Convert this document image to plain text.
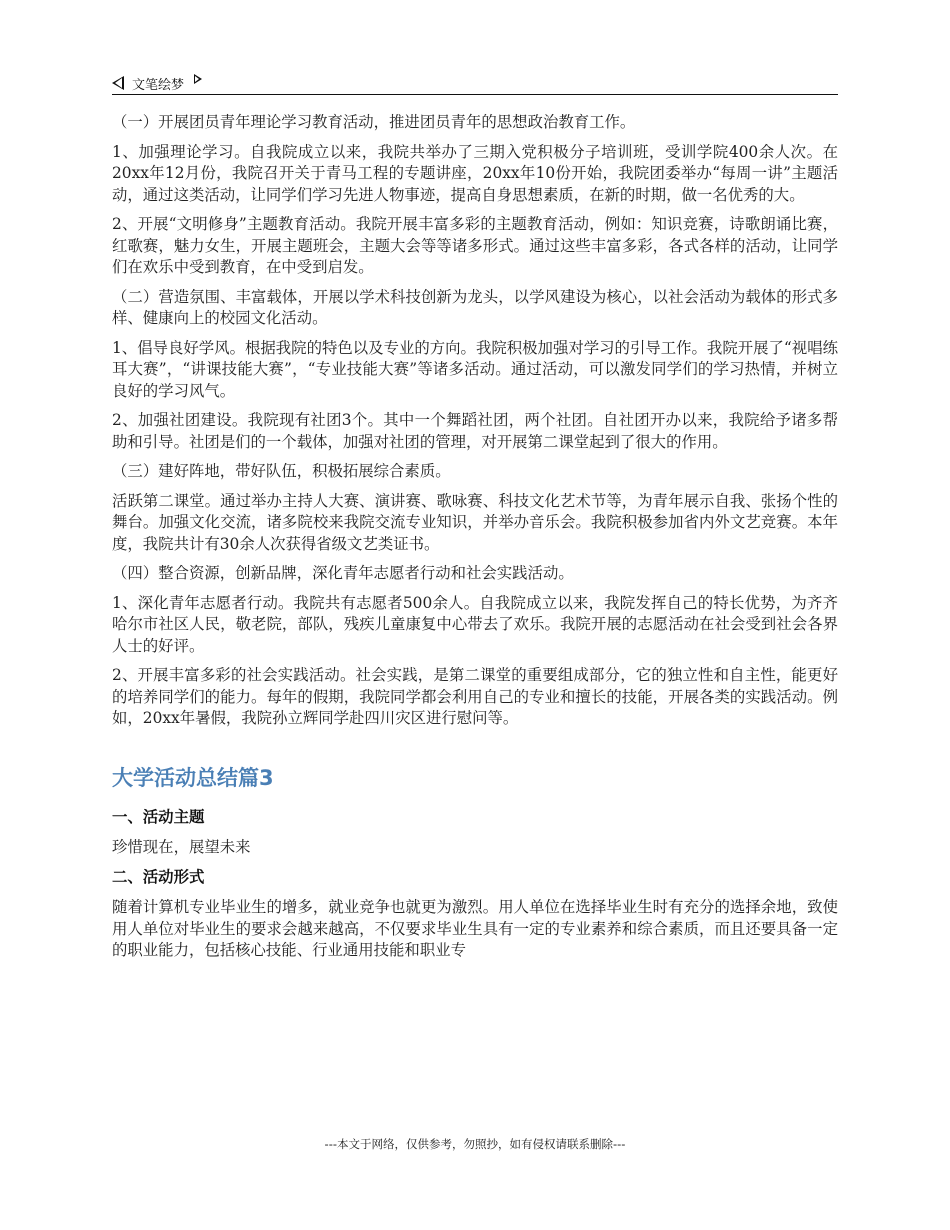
文笔绘梦

（一）开展团员青年理论学习教育活动，推进团员青年的思想政治教育工作。

1、加强理论学习。自我院成立以来，我院共举办了三期入党积极分子培训班，受训学院400余人次。在20xx年12月份，我院召开关于青马工程的专题讲座，20xx年10份开始，我院团委举办“每周一讲”主题活动，通过这类活动，让同学们学习先进人物事迹，提高自身思想素质，在新的时期，做一名优秀的大。

2、开展“文明修身”主题教育活动。我院开展丰富多彩的主题教育活动，例如：知识竞赛，诗歌朗诵比赛，红歌赛，魅力女生，开展主题班会，主题大会等等诸多形式。通过这些丰富多彩，各式各样的活动，让同学们在欢乐中受到教育，在中受到启发。

（二）营造氛围、丰富载体，开展以学术科技创新为龙头，以学风建设为核心，以社会活动为载体的形式多样、健康向上的校园文化活动。

1、倡导良好学风。根据我院的特色以及专业的方向。我院积极加强对学习的引导工作。我院开展了“视唱练耳大赛”，“讲课技能大赛”，“专业技能大赛”等诸多活动。通过活动，可以激发同学们的学习热情，并树立良好的学习风气。

2、加强社团建设。我院现有社团3个。其中一个舞蹈社团，两个社团。自社团开办以来，我院给予诸多帮助和引导。社团是们的一个载体，加强对社团的管理，对开展第二课堂起到了很大的作用。

（三）建好阵地，带好队伍，积极拓展综合素质。

活跃第二课堂。通过举办主持人大赛、演讲赛、歌咏赛、科技文化艺术节等，为青年展示自我、张扬个性的舞台。加强文化交流，诸多院校来我院交流专业知识，并举办音乐会。我院积极参加省内外文艺竞赛。本年度，我院共计有30余人次获得省级文艺类证书。

（四）整合资源，创新品牌，深化青年志愿者行动和社会实践活动。

1、深化青年志愿者行动。我院共有志愿者500余人。自我院成立以来，我院发挥自己的特长优势，为齐齐哈尔市社区人民，敬老院，部队，残疾儿童康复中心带去了欢乐。我院开展的志愿活动在社会受到社会各界人士的好评。

2、开展丰富多彩的社会实践活动。社会实践，是第二课堂的重要组成部分，它的独立性和自主性，能更好的培养同学们的能力。每年的假期，我院同学都会利用自己的专业和擅长的技能，开展各类的实践活动。例如，20xx年暑假，我院孙立辉同学赴四川灾区进行慰问等。

大学活动总结篇3
一、活动主题

珍惜现在，展望未来

二、活动形式

随着计算机专业毕业生的增多，就业竞争也就更为激烈。用人单位在选择毕业生时有充分的选择余地，致使用人单位对毕业生的要求会越来越高，不仅要求毕业生具有一定的专业素养和综合素质，而且还要具备一定的职业能力，包括核心技能、行业通用技能和职业专

---本文于网络，仅供参考，勿照抄，如有侵权请联系删除---
